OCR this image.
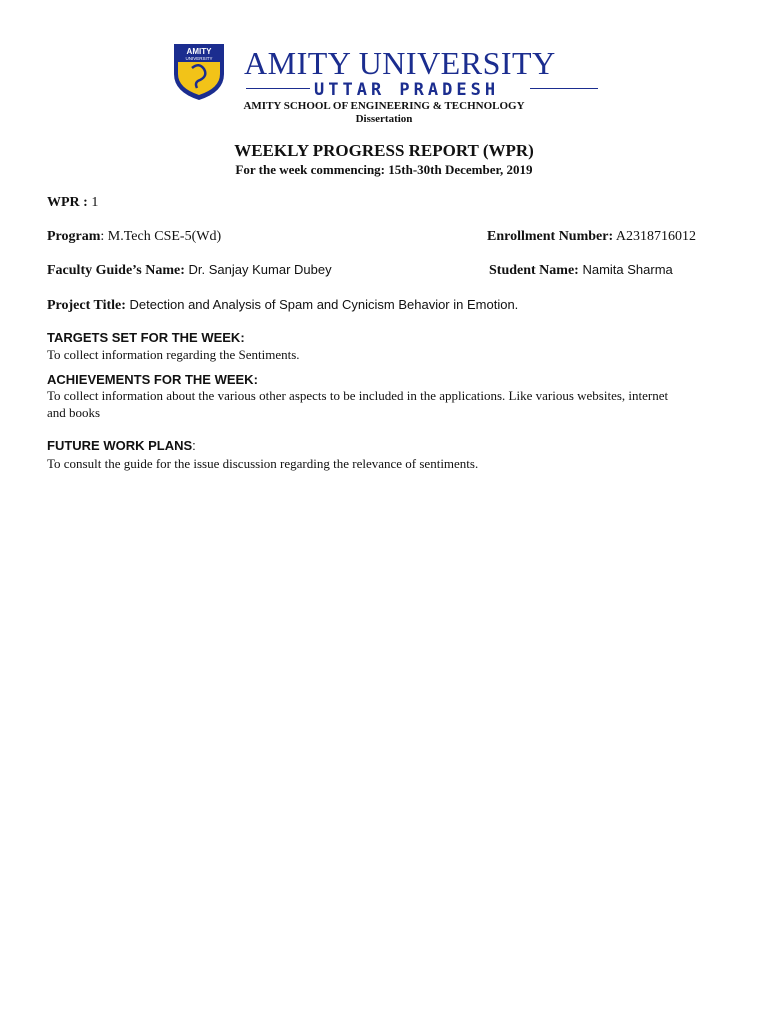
AMITY
UNIVERSITY AMITY UNIVERSITY
UTTAR PRADESH
AMITY SCHOOL OF ENGINEERING & TECHNOLOGY
Dissertation
WEEKLY PROGRESS REPORT (WPR)
For the week commencing: 15th-30th December, 2019
WPR : 1
Program: M.Tech CSE-5(Wd)	Enrollment Number: A2318716012
Faculty Guide’s Name: Dr. Sanjay Kumar Dubey	Student Name: Namita Sharma
Project Title: Detection and Analysis of Spam and Cynicism Behavior in Emotion.
TARGETS SET FOR THE WEEK:
To collect information regarding the Sentiments.
ACHIEVEMENTS FOR THE WEEK:
To collect information about the various other aspects to be included in the applications. Like various websites, internet and books
FUTURE WORK PLANS:
To consult the guide for the issue discussion regarding the relevance of sentiments.
